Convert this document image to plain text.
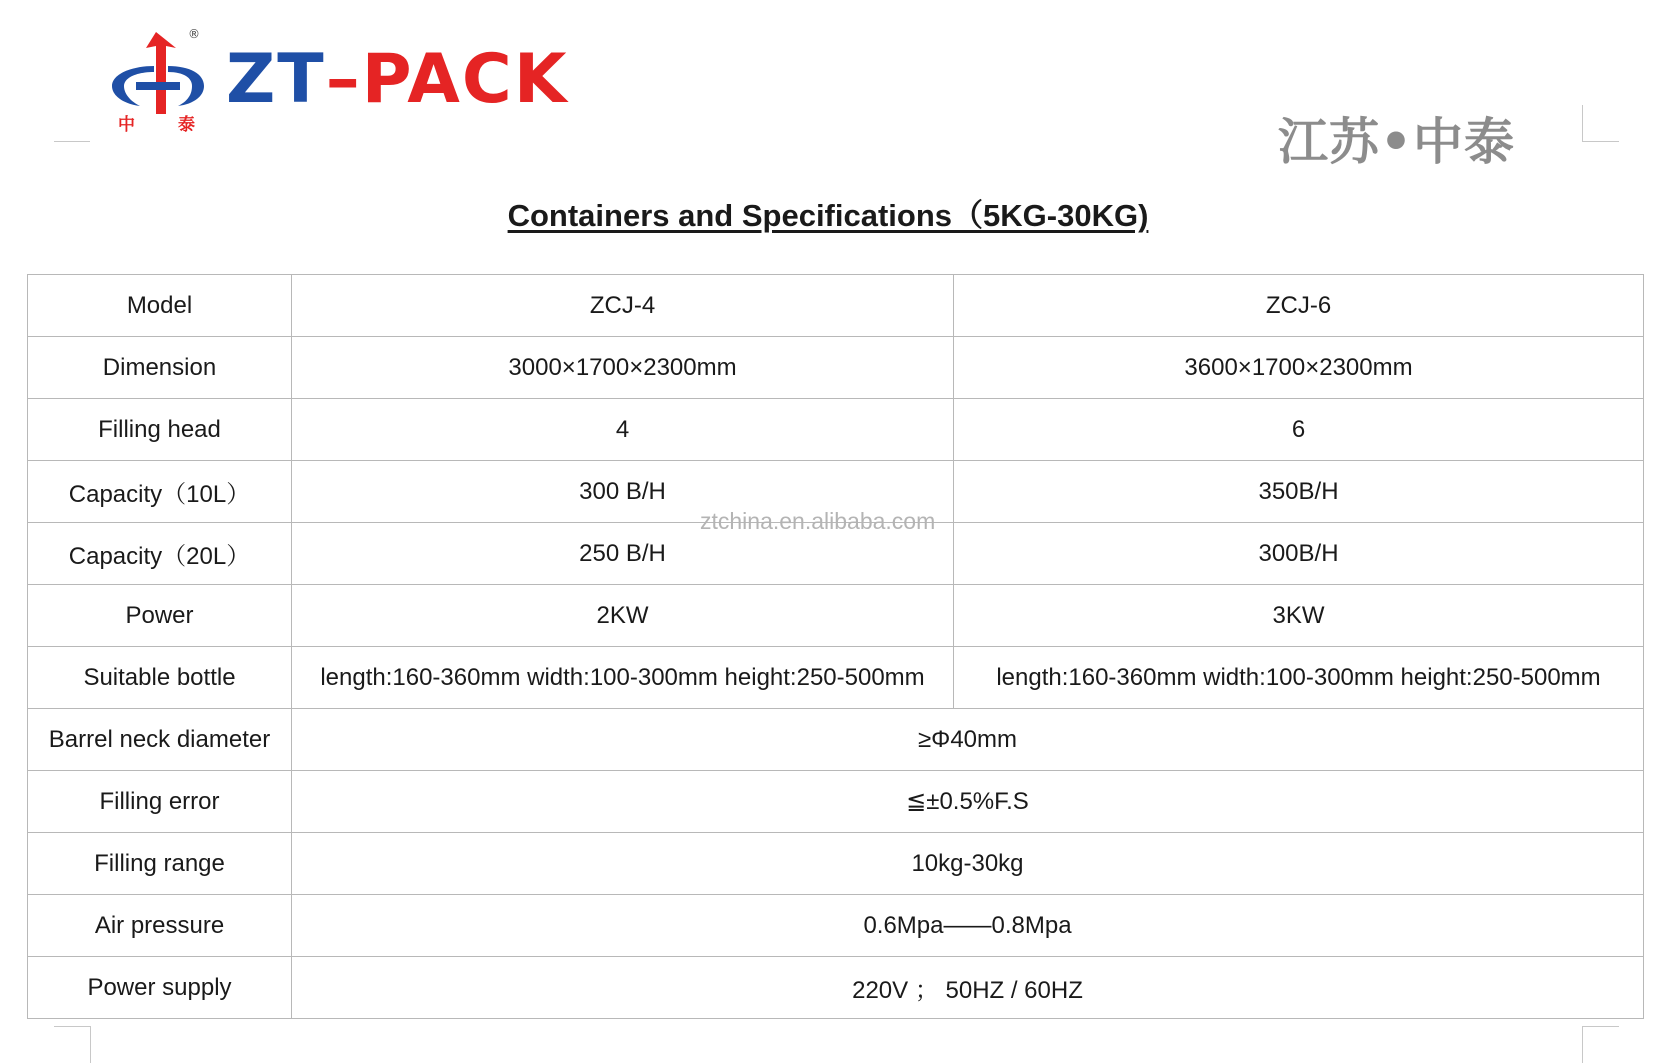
中	泰
®
ZT–PACK
江苏•中泰
Containers and Specifications（5KG-30KG)
Model	ZCJ-4	ZCJ-6
Dimension	3000×1700×2300mm	3600×1700×2300mm
Filling head	4	6
Capacity（10L）	300 B/H	350B/H
Capacity（20L）	250 B/H	300B/H
Power	2KW	3KW
Suitable bottle	length:160-360mm width:100-300mm height:250-500mm	length:160-360mm width:100-300mm height:250-500mm
Barrel neck diameter	≥Φ40mm	
Filling error	≦±0.5%F.S	
Filling range	10kg-30kg	
Air pressure	0.6Mpa——0.8Mpa	
Power supply	220V ； 50HZ / 60HZ	
ztchina.en.alibaba.com
